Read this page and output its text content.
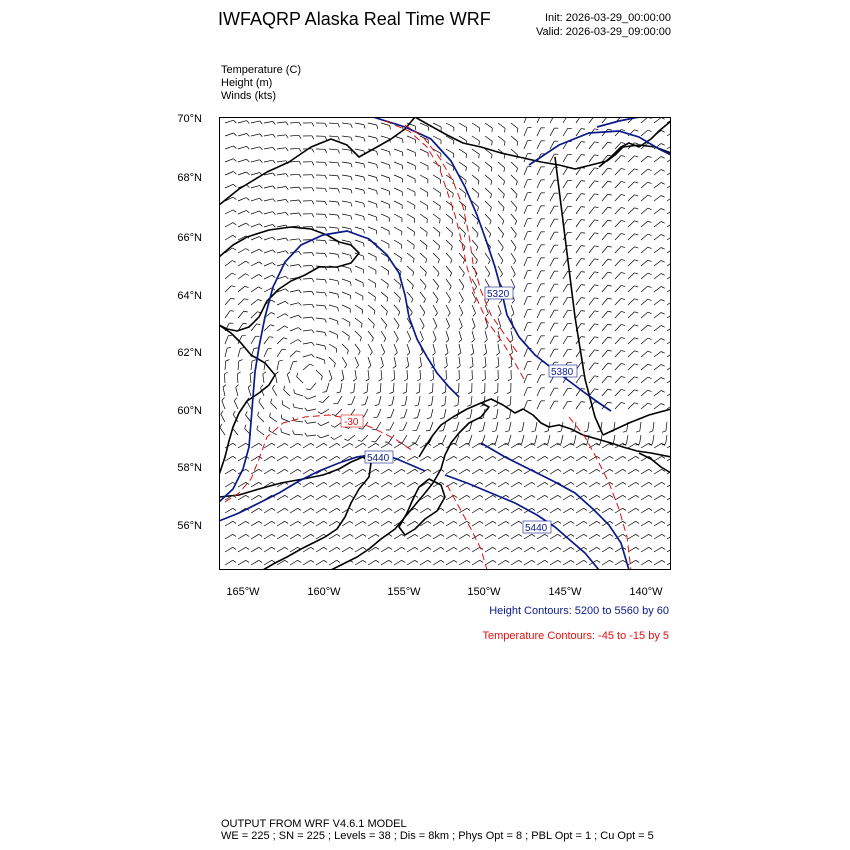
IWFAQRP Alaska Real Time WRF	Init: 2026-03-29_00:00:00
Valid: 2026-03-29_09:00:00
Temperature (C)
Height (m)
Winds (kts)
5320
5380
5440
5440
-30
70°N
68°N
66°N
64°N
62°N
60°N
58°N
56°N
165°W	160°W	155°W	150°W	145°W	140°W
Height Contours: 5200 to 5560 by 60
Temperature Contours: -45 to -15 by 5
OUTPUT FROM WRF V4.6.1 MODEL
WE = 225 ; SN = 225 ; Levels = 38 ; Dis = 8km ; Phys Opt = 8 ; PBL Opt = 1 ; Cu Opt = 5
